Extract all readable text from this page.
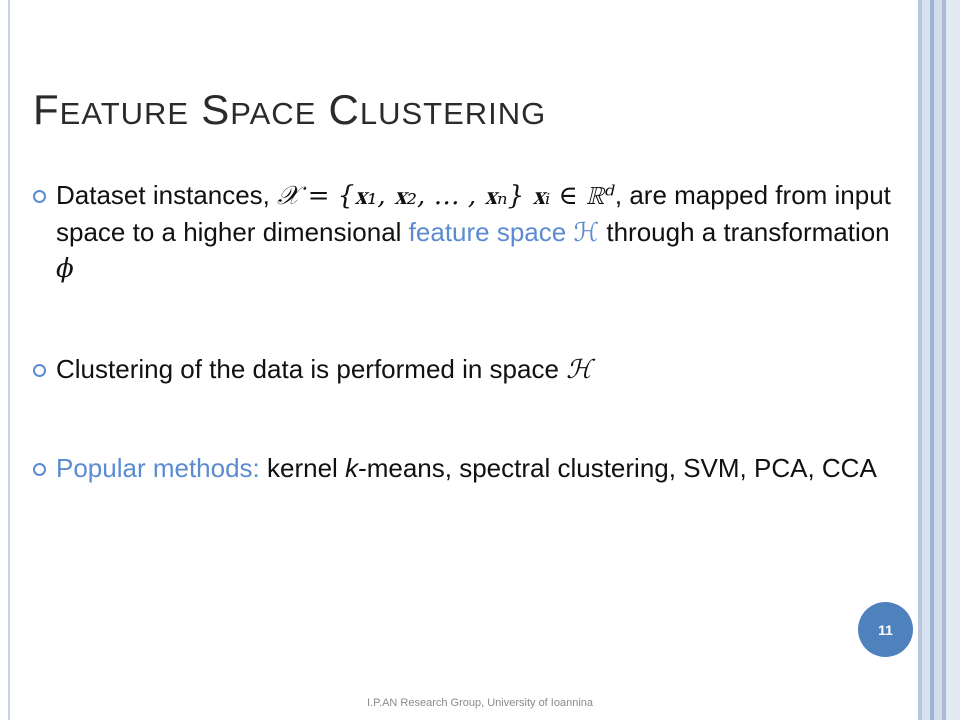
FEATURE SPACE CLUSTERING
Dataset instances, 𝒳 = {𝐱₁, 𝐱₂, … , 𝐱ₙ} 𝐱ᵢ ∈ ℝᵈ, are mapped from input space to a higher dimensional feature space ℋ through a transformation ϕ
Clustering of the data is performed in space ℋ
Popular methods: kernel k-means, spectral clustering, SVM, PCA, CCA
11
I.P.AN Research Group, University of Ioannina
